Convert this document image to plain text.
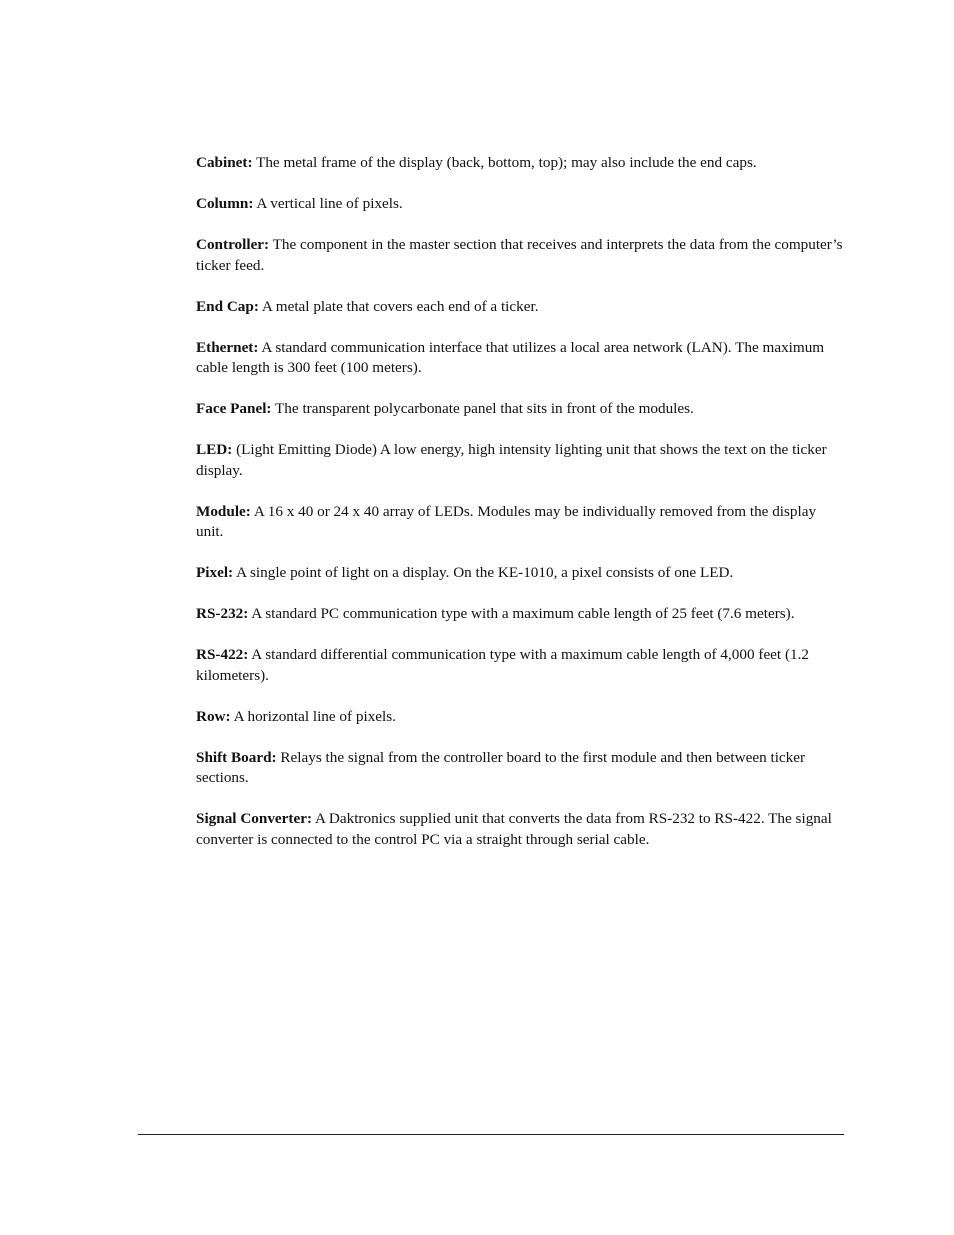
Cabinet: The metal frame of the display (back, bottom, top); may also include the end caps.

Column: A vertical line of pixels.

Controller: The component in the master section that receives and interprets the data from the computer’s ticker feed.

End Cap: A metal plate that covers each end of a ticker.

Ethernet: A standard communication interface that utilizes a local area network (LAN). The maximum cable length is 300 feet (100 meters).

Face Panel: The transparent polycarbonate panel that sits in front of the modules.

LED: (Light Emitting Diode) A low energy, high intensity lighting unit that shows the text on the ticker display.

Module: A 16 x 40 or 24 x 40 array of LEDs. Modules may be individually removed from the display unit.

Pixel: A single point of light on a display. On the KE-1010, a pixel consists of one LED.

RS-232: A standard PC communication type with a maximum cable length of 25 feet (7.6 meters).

RS-422: A standard differential communication type with a maximum cable length of 4,000 feet (1.2 kilometers).

Row: A horizontal line of pixels.

Shift Board: Relays the signal from the controller board to the first module and then between ticker sections.

Signal Converter: A Daktronics supplied unit that converts the data from RS-232 to RS-422. The signal converter is connected to the control PC via a straight through serial cable.
